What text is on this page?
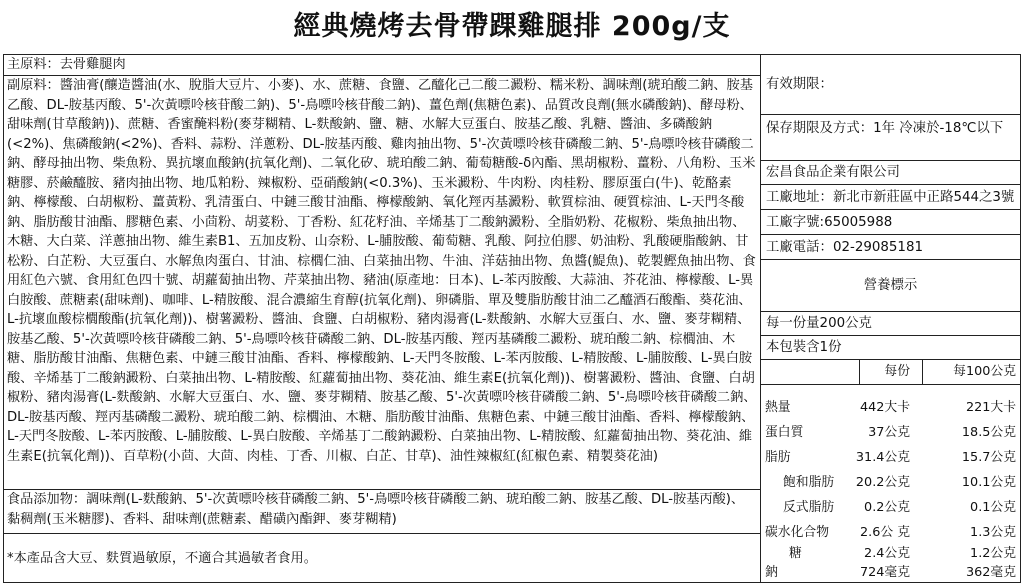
經典燒烤去骨帶踝雞腿排 200g/支
主原料：去骨雞腿肉
副原料：醬油膏(釀造醬油(水、脫脂大豆片、小麥)、水、蔗糖、食鹽、乙醯化己二酸二澱粉、糯米粉、調味劑(琥珀酸二鈉、胺基乙酸、DL-胺基丙酸、5'-次黃嘌呤核苷酸二鈉)、5'-鳥嘌呤核苷酸二鈉)、薑色劑(焦糖色素)、品質改良劑(無水磷酸鈉)、酵母粉、甜味劑(甘草酸鈉))、蔗糖、香蜜醃料粉(麥芽糊精、L-麩酸鈉、鹽、糖、水解大豆蛋白、胺基乙酸、乳糖、醬油、多磷酸鈉(<2%)、焦磷酸鈉(<2%)、香料、蒜粉、洋蔥粉、DL-胺基丙酸、雞肉抽出物、5'-次黃嘌呤核苷磷酸二鈉、5'-鳥嘌呤核苷磷酸二鈉、酵母抽出物、柴魚粉、異抗壞血酸鈉(抗氧化劑)、二氧化矽、琥珀酸二鈉、葡萄糖酸-δ內酯、黑胡椒粉、薑粉、八角粉、玉米糖膠、菸鹼醯胺、豬肉抽出物、地瓜粕粉、辣椒粉、亞硝酸鈉(<0.3%)、玉米澱粉、牛肉粉、肉桂粉、膠原蛋白(牛)、乾酪素鈉、檸檬酸、白胡椒粉、薑黃粉、乳清蛋白、中鏈三酸甘油酯、檸檬酸鈉、氧化羥丙基澱粉、軟質棕油、硬質棕油、L-天門冬酸鈉、脂肪酸甘油酯、膠糖色素、小茴粉、胡荽粉、丁香粉、紅花籽油、辛烯基丁二酸鈉澱粉、全脂奶粉、花椒粉、柴魚抽出物、木糖、大白菜、洋蔥抽出物、維生素B1、五加皮粉、山奈粉、L-脯胺酸、葡萄糖、乳酸、阿拉伯膠、奶油粉、乳酸硬脂酸鈉、甘松粉、白芷粉、大豆蛋白、水解魚肉蛋白、甘油、棕櫚仁油、白菜抽出物、牛油、洋菇抽出物、魚醬(鯷魚)、乾製鰹魚抽出物、食用紅色六號、食用紅色四十號、胡蘿蔔抽出物、芹菜抽出物、豬油(原產地：日本)、L-苯丙胺酸、大蒜油、芥花油、檸檬酸、L-異白胺酸、蔗糖素(甜味劑)、咖啡、L-精胺酸、混合濃縮生育醇(抗氧化劑)、卵磷脂、單及雙脂肪酸甘油二乙醯酒石酸酯、葵花油、L-抗壞血酸棕櫚酸酯(抗氧化劑))、樹薯澱粉、醬油、食鹽、白胡椒粉、豬肉湯膏(L-麩酸鈉、水解大豆蛋白、水、鹽、麥芽糊精、胺基乙酸、5'-次黃嘌呤核苷磷酸二鈉、5'-鳥嘌呤核苷磷酸二鈉、DL-胺基丙酸、羥丙基磷酸二澱粉、琥珀酸二鈉、棕櫚油、木糖、脂肪酸甘油酯、焦糖色素、中鏈三酸甘油酯、香料、檸檬酸鈉、L-天門冬胺酸、L-苯丙胺酸、L-精胺酸、L-脯胺酸、L-異白胺酸、辛烯基丁二酸鈉澱粉、白菜抽出物、L-精胺酸、紅蘿蔔抽出物、葵花油、維生素E(抗氧化劑))、樹薯澱粉、醬油、食鹽、白胡椒粉、豬肉湯膏(L-麩酸鈉、水解大豆蛋白、水、鹽、麥芽糊精、胺基乙酸、5'-次黃嘌呤核苷磷酸二鈉、5'-鳥嘌呤核苷磷酸二鈉、DL-胺基丙酸、羥丙基磷酸二澱粉、琥珀酸二鈉、棕櫚油、木糖、脂肪酸甘油酯、焦糖色素、中鏈三酸甘油酯、香料、檸檬酸鈉、L-天門冬胺酸、L-苯丙胺酸、L-脯胺酸、L-異白胺酸、辛烯基丁二酸鈉澱粉、白菜抽出物、L-精胺酸、紅蘿蔔抽出物、葵花油、維生素E(抗氧化劑))、百草粉(小茴、大茴、肉桂、丁香、川椒、白芷、甘草)、油性辣椒紅(紅椒色素、精製葵花油)
食品添加物：調味劑(L-麩酸鈉、5'-次黃嘌呤核苷磷酸二鈉、5'-鳥嘌呤核苷磷酸二鈉、琥珀酸二鈉、胺基乙酸、DL-胺基丙酸)、黏稠劑(玉米糖膠)、香料、甜味劑(蔗糖素、醋磺內酯鉀、麥芽糊精)
*本產品含大豆、麩質過敏原，不適合其過敏者食用。
有效期限：
保存期限及方式：1年 冷凍於-18℃以下
宏昌食品企業有限公司
工廠地址：新北市新莊區中正路544之3號
工廠字號:65005988
工廠電話：02-29085181
營養標示
每一份量200公克
本包裝含1份
每份	每100公克
熱量	442大卡	221大卡
蛋白質	37公克	18.5公克
脂肪	31.4公克	15.7公克
飽和脂肪 20.2公克	10.1公克
反式脂肪 0.2公克	0.1公克
碳水化合物 2.6公 克	1.3公克
糖	2.4公克	1.2公克
鈉	724毫克	362毫克
